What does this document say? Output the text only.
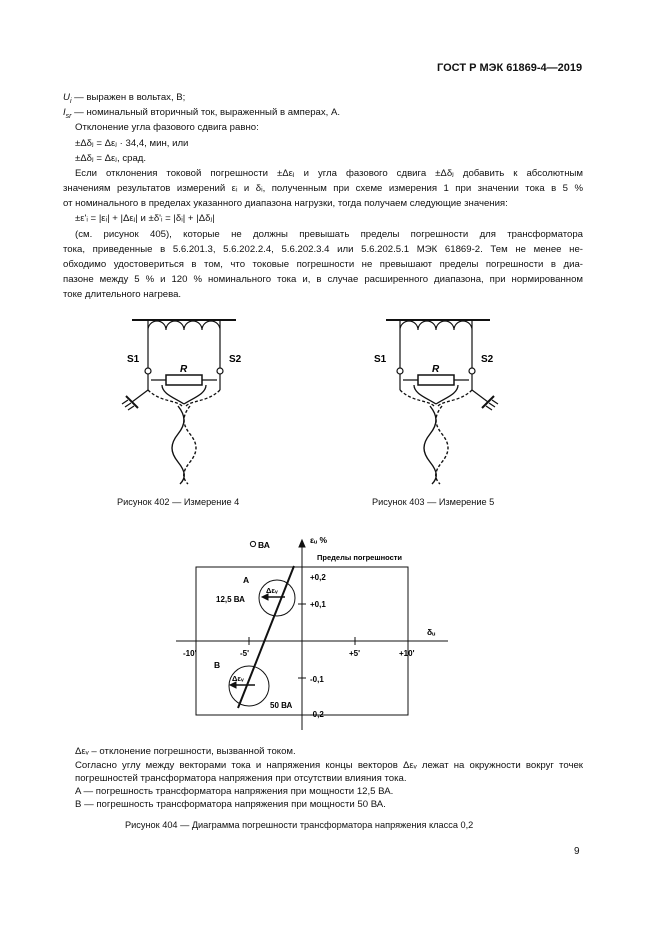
ГОСТ Р МЭК 61869-4—2019
$U_i$ — выражен в вольтах, В;
$I_{sr}$ — номинальный вторичный ток, выраженный в амперах, А.
Отклонение угла фазового сдвига равно:
±Δδⱼ = Δεⱼ · 34,4, мин, или
±Δδⱼ = Δεⱼ, срад.
Если отклонения токовой погрешности ±Δεⱼ и угла фазового сдвига ±Δδⱼ добавить к абсолютным
значениям результатов измерений εᵢ и δᵢ, полученным при схеме измерения 1 при значении тока в 5 %
от номинального в пределах указанного диапазона нагрузки, тогда получаем следующие значения:
±ε'ᵢ = |εᵢ| + |Δεⱼ| и ±δ'ᵢ = |δᵢ| + |Δδⱼ|
(см. рисунок 405), которые не должны превышать пределы погрешности для трансформатора
тока, приведенные в 5.6.201.3, 5.6.202.2.4, 5.6.202.3.4 или 5.6.202.5.1 МЭК 61869-2. Тем не менее не-
обходимо удостовериться в том, что токовые погрешности не превышают пределы погрешности в диа-
пазоне между 5 % и 120 % номинального тока и, в случае расширенного диапазона, при нормированном
токе длительного нагрева.
S1	S2
R
S1	S2
R
ВА	εᵤ %
Пределы погрешности
δᵤ
-10'	-5'	+5'	+10'
+0,2
+0,1
-0,1
-0,2
A
B
Δεᵥ
Δεᵥ
12,5 ВА
50 ВА
Рисунок 402 — Измерение 4	Рисунок 403 — Измерение 5
Δεᵥ – отклонение погрешности, вызванной током.
Согласно углу между векторами тока и напряжения концы векторов Δεᵥ лежат на окружности вокруг точек
погрешностей трансформатора напряжения при отсутствии влияния тока.
A — погрешность трансформатора напряжения при мощности 12,5 ВА.
B — погрешность трансформатора напряжения при мощности 50 ВА.
Рисунок 404 — Диаграмма погрешности трансформатора напряжения класса 0,2
9
